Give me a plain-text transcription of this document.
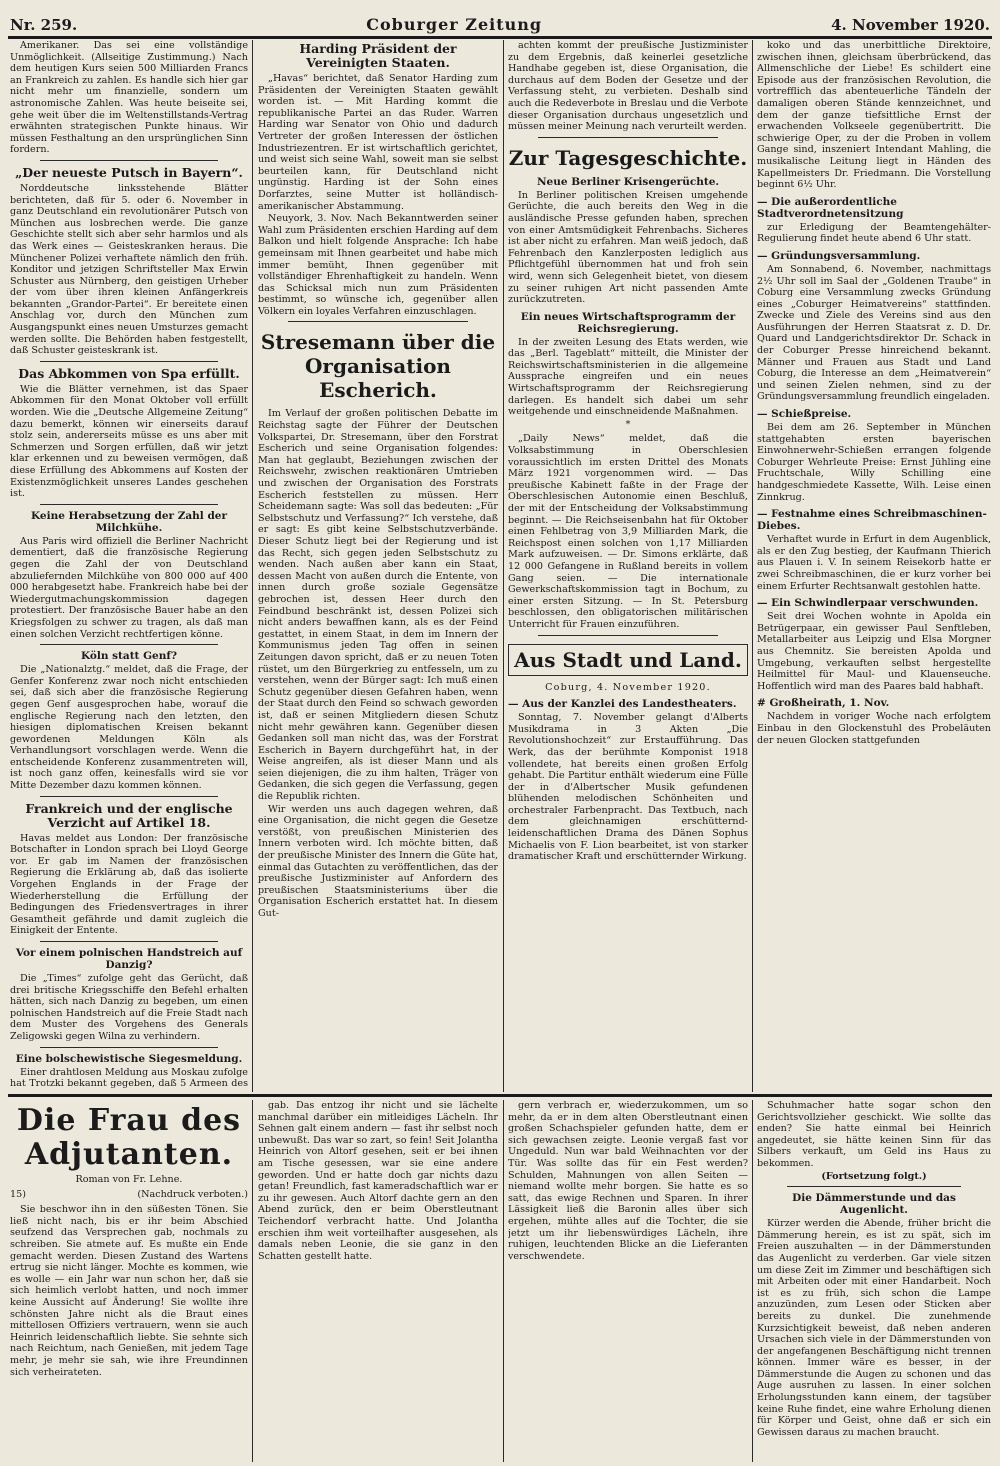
Nr. 259.	Coburger Zeitung	4. November 1920.

Amerikaner. Das sei eine vollständige Unmöglichkeit. (Allseitige Zustimmung.) Nach dem heutigen Kurs seien 500 Milliarden Francs an Frankreich zu zahlen. Es handle sich hier gar nicht mehr um finanzielle, sondern um astronomische Zahlen. Was heute beiseite sei, gehe weit über die im Weltenstillstands-Vertrag erwähnten strategischen Punkte hinaus. Wir müssen Festhaltung an den ursprünglichen Sinn fordern.

„Der neueste Putsch in Bayern“.

Norddeutsche linksstehende Blätter berichteten, daß für 5. oder 6. November in ganz Deutschland ein revolutionärer Putsch von München aus losbrechen werde. Die ganze Geschichte stellt sich aber sehr harmlos und als das Werk eines — Geisteskranken heraus. Die Münchener Polizei verhaftete nämlich den früh. Konditor und jetzigen Schriftsteller Max Erwin Schuster aus Nürnberg, den geistigen Urheber der vom über ihren kleinen Anfängerkreis bekannten „Grandor-Partei“. Er bereitete einen Anschlag vor, durch den München zum Ausgangspunkt eines neuen Umsturzes gemacht werden sollte. Die Behörden haben festgestellt, daß Schuster geisteskrank ist.

Das Abkommen von Spa erfüllt.

Wie die Blätter vernehmen, ist das Spaer Abkommen für den Monat Oktober voll erfüllt worden. Wie die „Deutsche Allgemeine Zeitung“ dazu bemerkt, können wir einerseits darauf stolz sein, andererseits müsse es uns aber mit Schmerzen und Sorgen erfüllen, daß wir jetzt klar erkennen und zu beweisen vermögen, daß diese Erfüllung des Abkommens auf Kosten der Existenzmöglichkeit unseres Landes geschehen ist.

Keine Herabsetzung der Zahl der Milchkühe.

Aus Paris wird offiziell die Berliner Nachricht dementiert, daß die französische Regierung gegen die Zahl der von Deutschland abzuliefernden Milchkühe von 800 000 auf 400 000 herabgesetzt habe. Frankreich habe bei der Wiedergutmachungskommission dagegen protestiert. Der französische Bauer habe an den Kriegsfolgen zu schwer zu tragen, als daß man einen solchen Verzicht rechtfertigen könne.

Köln statt Genf?

Die „Nationalztg.“ meldet, daß die Frage, der Genfer Konferenz zwar noch nicht entschieden sei, daß sich aber die französische Regierung gegen Genf ausgesprochen habe, worauf die englische Regierung nach den letzten, den hiesigen diplomatischen Kreisen bekannt gewordenen Meldungen Köln als Verhandlungsort vorschlagen werde. Wenn die entscheidende Konferenz zusammentreten will, ist noch ganz offen, keinesfalls wird sie vor Mitte Dezember dazu kommen können.

Frankreich und der englische Verzicht auf Artikel 18.

Havas meldet aus London: Der französische Botschafter in London sprach bei Lloyd George vor. Er gab im Namen der französischen Regierung die Erklärung ab, daß das isolierte Vorgehen Englands in der Frage der Wiederherstellung die Erfüllung der Bedingungen des Friedensvertrages in ihrer Gesamtheit gefährde und damit zugleich die Einigkeit der Entente.

Vor einem polnischen Handstreich auf Danzig?

Die „Times“ zufolge geht das Gerücht, daß drei britische Kriegsschiffe den Befehl erhalten hätten, sich nach Danzig zu begeben, um einen polnischen Handstreich auf die Freie Stadt nach dem Muster des Vorgehens des Generals Zeligowski gegen Wilna zu verhindern.

Eine bolschewistische Siegesmeldung.

Einer drahtlosen Meldung aus Moskau zufolge hat Trotzki bekannt gegeben, daß 5 Armeen des

Harding Präsident der Vereinigten Staaten.

„Havas“ berichtet, daß Senator Harding zum Präsidenten der Vereinigten Staaten gewählt worden ist. — Mit Harding kommt die republikanische Partei an das Ruder. Warren Harding war Senator von Ohio und dadurch Vertreter der großen Interessen der östlichen Industriezentren. Er ist wirtschaftlich gerichtet, und weist sich seine Wahl, soweit man sie selbst beurteilen kann, für Deutschland nicht ungünstig. Harding ist der Sohn eines Dorfarztes, seine Mutter ist holländisch-amerikanischer Abstammung.

Neuyork, 3. Nov. Nach Bekanntwerden seiner Wahl zum Präsidenten erschien Harding auf dem Balkon und hielt folgende Ansprache: Ich habe gemeinsam mit Ihnen gearbeitet und habe mich immer bemüht, Ihnen gegenüber mit vollständiger Ehrenhaftigkeit zu handeln. Wenn das Schicksal mich nun zum Präsidenten bestimmt, so wünsche ich, gegenüber allen Völkern ein loyales Verfahren einzuschlagen.

Stresemann über die Organisation Escherich.

Im Verlauf der großen politischen Debatte im Reichstag sagte der Führer der Deutschen Volkspartei, Dr. Stresemann, über den Forstrat Escherich und seine Organisation folgendes: Man hat geglaubt, Beziehungen zwischen der Reichswehr, zwischen reaktionären Umtrieben und zwischen der Organisation des Forstrats Escherich feststellen zu müssen. Herr Scheidemann sagte: Was soll das bedeuten: „Für Selbstschutz und Verfassung?“ Ich verstehe, daß er sagt: Es gibt keine Selbstschutzverbände. Dieser Schutz liegt bei der Regierung und ist das Recht, sich gegen jeden Selbstschutz zu wenden. Nach außen aber kann ein Staat, dessen Macht von außen durch die Entente, von innen durch große soziale Gegensätze gebrochen ist, dessen Heer durch den Feindbund beschränkt ist, dessen Polizei sich nicht anders bewaffnen kann, als es der Feind gestattet, in einem Staat, in dem im Innern der Kommunismus jeden Tag offen in seinen Zeitungen davon spricht, daß er zu neuen Toten rüstet, um den Bürgerkrieg zu entfesseln, um zu verstehen, wenn der Bürger sagt: Ich muß einen Schutz gegenüber diesen Gefahren haben, wenn der Staat durch den Feind so schwach geworden ist, daß er seinen Mitgliedern diesen Schutz nicht mehr gewähren kann. Gegenüber diesen Gedanken soll man nicht das, was der Forstrat Escherich in Bayern durchgeführt hat, in der Weise angreifen, als ist dieser Mann und als seien diejenigen, die zu ihm halten, Träger von Gedanken, die sich gegen die Verfassung, gegen die Republik richten.

Wir werden uns auch dagegen wehren, daß eine Organisation, die nicht gegen die Gesetze verstößt, von preußischen Ministerien des Innern verboten wird. Ich möchte bitten, daß der preußische Minister des Innern die Güte hat, einmal das Gutachten zu veröffentlichen, das der preußische Justizminister auf Anfordern des preußischen Staatsministeriums über die Organisation Escherich erstattet hat. In diesem Gut-

achten kommt der preußische Justizminister zu dem Ergebnis, daß keinerlei gesetzliche Handhabe gegeben ist, diese Organisation, die durchaus auf dem Boden der Gesetze und der Verfassung steht, zu verbieten. Deshalb sind auch die Redeverbote in Breslau und die Verbote dieser Organisation durchaus ungesetzlich und müssen meiner Meinung nach verurteilt werden.

Zur Tagesgeschichte.
Neue Berliner Krisengerüchte.

In Berliner politischen Kreisen umgehende Gerüchte, die auch bereits den Weg in die ausländische Presse gefunden haben, sprechen von einer Amtsmüdigkeit Fehrenbachs. Sicheres ist aber nicht zu erfahren. Man weiß jedoch, daß Fehrenbach den Kanzlerposten lediglich aus Pflichtgefühl übernommen hat und froh sein wird, wenn sich Gelegenheit bietet, von diesem zu seiner ruhigen Art nicht passenden Amte zurückzutreten.

Ein neues Wirtschaftsprogramm der Reichsregierung.

In der zweiten Lesung des Etats werden, wie das „Berl. Tageblatt“ mitteilt, die Minister der Reichswirtschaftsministerien in die allgemeine Aussprache eingreifen und ein neues Wirtschaftsprogramm der Reichsregierung darlegen. Es handelt sich dabei um sehr weitgehende und einschneidende Maßnahmen.

*

„Daily News“ meldet, daß die Volksabstimmung in Oberschlesien voraussichtlich im ersten Drittel des Monats März 1921 vorgenommen wird. — Das preußische Kabinett faßte in der Frage der Oberschlesischen Autonomie einen Beschluß, der mit der Entscheidung der Volksabstimmung beginnt. — Die Reichseisenbahn hat für Oktober einen Fehlbetrag von 3,9 Milliarden Mark, die Reichspost einen solchen von 1,17 Milliarden Mark aufzuweisen. — Dr. Simons erklärte, daß 12 000 Gefangene in Rußland bereits in vollem Gang seien. — Die internationale Gewerkschaftskommission tagt in Bochum, zu einer ersten Sitzung. — In St. Petersburg beschlossen, den obligatorischen militärischen Unterricht für Frauen einzuführen.

Aus Stadt und Land.
Coburg, 4. November 1920.
— Aus der Kanzlei des Landestheaters.

Sonntag, 7. November gelangt d'Alberts Musikdrama in 3 Akten „Die Revolutionshochzeit“ zur Erstaufführung. Das Werk, das der berühmte Komponist 1918 vollendete, hat bereits einen großen Erfolg gehabt. Die Partitur enthält wiederum eine Fülle der in d'Albertscher Musik gefundenen blühenden melodischen Schönheiten und orchestraler Farbenpracht. Das Textbuch, nach dem gleichnamigen erschütternd-leidenschaftlichen Drama des Dänen Sophus Michaelis von F. Lion bearbeitet, ist von starker dramatischer Kraft und erschütternder Wirkung.

koko und das unerbittliche Direktoire, zwischen ihnen, gleichsam überbrückend, das Allmenschliche der Liebe! Es schildert eine Episode aus der französischen Revolution, die vortrefflich das abenteuerliche Tändeln der damaligen oberen Stände kennzeichnet, und dem der ganze tiefsittliche Ernst der erwachenden Volkseele gegenübertritt. Die schwierige Oper, zu der die Proben in vollem Gange sind, inszeniert Intendant Mahling, die musikalische Leitung liegt in Händen des Kapellmeisters Dr. Friedmann. Die Vorstellung beginnt 6½ Uhr.

— Die außerordentliche Stadtverordnetensitzung

zur Erledigung der Beamtengehälter-Regulierung findet heute abend 6 Uhr statt.

— Gründungsversammlung.

Am Sonnabend, 6. November, nachmittags 2½ Uhr soll im Saal der „Goldenen Traube“ in Coburg eine Versammlung zwecks Gründung eines „Coburger Heimatvereins“ stattfinden. Zwecke und Ziele des Vereins sind aus den Ausführungen der Herren Staatsrat z. D. Dr. Quard und Landgerichtsdirektor Dr. Schack in der Coburger Presse hinreichend bekannt. Männer und Frauen aus Stadt und Land Coburg, die Interesse an dem „Heimatverein“ und seinen Zielen nehmen, sind zu der Gründungsversammlung freundlich eingeladen.

— Schießpreise.

Bei dem am 26. September in München stattgehabten ersten bayerischen Einwohnerwehr-Schießen errangen folgende Coburger Wehrleute Preise: Ernst Jühling eine Fruchtschale, Willy Schilling eine handgeschmiedete Kassette, Wilh. Leise einen Zinnkrug.

— Festnahme eines Schreibmaschinen-Diebes.

Verhaftet wurde in Erfurt in dem Augenblick, als er den Zug bestieg, der Kaufmann Thierich aus Plauen i. V. In seinem Reisekorb hatte er zwei Schreibmaschinen, die er kurz vorher bei einem Erfurter Rechtsanwalt gestohlen hatte.

— Ein Schwindlerpaar verschwunden.

Seit drei Wochen wohnte in Apolda ein Betrügerpaar, ein gewisser Paul Senftleben, Metallarbeiter aus Leipzig und Elsa Morgner aus Chemnitz. Sie bereisten Apolda und Umgebung, verkauften selbst hergestellte Heilmittel für Maul- und Klauenseuche. Hoffentlich wird man des Paares bald habhaft.

# Großheirath, 1. Nov.

Nachdem in voriger Woche nach erfolgtem Einbau in den Glockenstuhl des Probeläuten der neuen Glocken stattgefunden

Die Frau des Adjutanten.
Roman von Fr. Lehne.
15)	(Nachdruck verboten.)

Sie beschwor ihn in den süßesten Tönen. Sie ließ nicht nach, bis er ihr beim Abschied seufzend das Versprechen gab, nochmals zu schreiben. Sie atmete auf. Es mußte ein Ende gemacht werden. Diesen Zustand des Wartens ertrug sie nicht länger. Mochte es kommen, wie es wolle — ein Jahr war nun schon her, daß sie sich heimlich verlobt hatten, und noch immer keine Aussicht auf Änderung! Sie wollte ihre schönsten Jahre nicht als die Braut eines mittellosen Offiziers vertrauern, wenn sie auch Heinrich leidenschaftlich liebte. Sie sehnte sich nach Reichtum, nach Genießen, mit jedem Tage mehr, je mehr sie sah, wie ihre Freundinnen sich verheirateten.

gab. Das entzog ihr nicht und sie lächelte manchmal darüber ein mitleidiges Lächeln. Ihr Sehnen galt einem andern — fast ihr selbst noch unbewußt. Das war so zart, so fein! Seit Jolantha Heinrich von Altorf gesehen, seit er bei ihnen am Tische gesessen, war sie eine andere geworden. Und er hatte doch gar nichts dazu getan! Freundlich, fast kameradschaftlich war er zu ihr gewesen. Auch Altorf dachte gern an den Abend zurück, den er beim Oberstleutnant Teichendorf verbracht hatte. Und Jolantha erschien ihm weit vorteilhafter ausgesehen, als damals neben Leonie, die sie ganz in den Schatten gestellt hatte.

gern verbrach er, wiederzukommen, um so mehr, da er in dem alten Oberstleutnant einen großen Schachspieler gefunden hatte, dem er sich gewachsen zeigte. Leonie vergaß fast vor Ungeduld. Nun war bald Weihnachten vor der Tür. Was sollte das für ein Fest werden? Schulden, Mahnungen von allen Seiten — niemand wollte mehr borgen. Sie hatte es so satt, das ewige Rechnen und Sparen. In ihrer Lässigkeit ließ die Baronin alles über sich ergehen, mühte alles auf die Tochter, die sie jetzt um ihr liebenswürdiges Lächeln, ihre ruhigen, leuchtenden Blicke an die Lieferanten verschwendete.

Schuhmacher hatte sogar schon den Gerichtsvollzieher geschickt. Wie sollte das enden? Sie hatte einmal bei Heinrich angedeutet, sie hätte keinen Sinn für das Silbers verkauft, um Geld ins Haus zu bekommen.

(Fortsetzung folgt.)
Die Dämmerstunde und das Augenlicht.

Kürzer werden die Abende, früher bricht die Dämmerung herein, es ist zu spät, sich im Freien auszuhalten — in der Dämmerstunden das Augenlicht zu verderben. Gar viele sitzen um diese Zeit im Zimmer und beschäftigen sich mit Arbeiten oder mit einer Handarbeit. Noch ist es zu früh, sich schon die Lampe anzuzünden, zum Lesen oder Sticken aber bereits zu dunkel. Die zunehmende Kurzsichtigkeit beweist, daß neben anderen Ursachen sich viele in der Dämmerstunden von der angefangenen Beschäftigung nicht trennen können. Immer wäre es besser, in der Dämmerstunde die Augen zu schonen und das Auge ausruhen zu lassen. In einer solchen Erholungsstunden kann einem, der tagsüber keine Ruhe findet, eine wahre Erholung dienen für Körper und Geist, ohne daß er sich ein Gewissen daraus zu machen braucht.
